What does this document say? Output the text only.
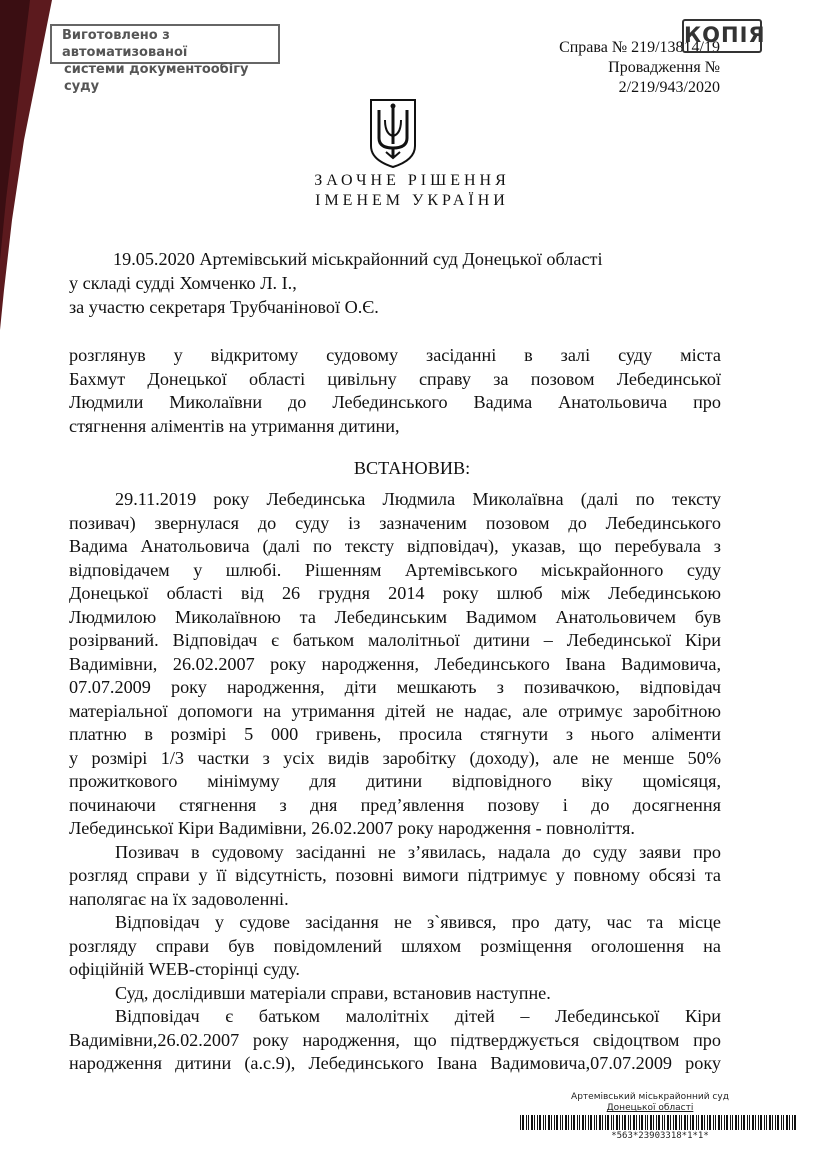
Виготовлено з автоматизованої
системи документообігу суду
Справа № 219/13814/19
Провадження №
2/219/943/2020
КОПІЯ
ЗАОЧНЕ РІШЕННЯ
ІМЕНЕМ УКРАЇНИ
19.05.2020 Артемівський міськрайонний суд Донецької області
у складі судді Хомченко Л. І.,
за участю секретаря Трубчанінової О.Є.
розглянув у відкритому судовому засіданні в залі суду міста
Бахмут Донецької області цивільну справу за позовом Лебединської
Людмили Миколаївни до Лебединського Вадима Анатольовича про
стягнення аліментів на утримання дитини,
ВСТАНОВИВ:
29.11.2019 року Лебединська Людмила Миколаївна (далі по тексту
позивач) звернулася до суду із зазначеним позовом до Лебединського
Вадима Анатольовича (далі по тексту відповідач), указав, що перебувала з
відповідачем у шлюбі. Рішенням Артемівського міськрайонного суду
Донецької області від 26 грудня 2014 року шлюб між Лебединською
Людмилою Миколаївною та Лебединським Вадимом Анатольовичем був
розірваний. Відповідач є батьком малолітньої дитини – Лебединської Кіри
Вадимівни, 26.02.2007 року народження, Лебединського Івана Вадимовича,
07.07.2009 року народження, діти мешкають з позивачкою, відповідач
матеріальної допомоги на утримання дітей не надає, але отримує заробітною
платню в розмірі 5 000 гривень, просила стягнути з нього аліменти
у розмірі 1/3 частки з усіх видів заробітку (доходу), але не менше 50%
прожиткового мінімуму для дитини відповідного віку щомісяця,
починаючи стягнення з дня пред’явлення позову і до досягнення
Лебединської Кіри Вадимівни, 26.02.2007 року народження - повноліття.
Позивач в судовому засіданні не з’явилась, надала до суду заяви про
розгляд справи у її відсутність, позовні вимоги підтримує у повному обсязі та
наполягає на їх задоволенні.
Відповідач у судове засідання не з`явився, про дату, час та місце
розгляду справи був повідомлений шляхом розміщення оголошення на
офіційній WEB-сторінці суду.
Суд, дослідивши матеріали справи, встановив наступне.
Відповідач є батьком малолітніх дітей – Лебединської Кіри
Вадимівни,26.02.2007 року народження, що підтверджується свідоцтвом про
народження дитини (а.с.9), Лебединського Івана Вадимовича,07.07.2009 року
Артемівський міськрайонний суд
Донецької області
*563*23903318*1*1*
